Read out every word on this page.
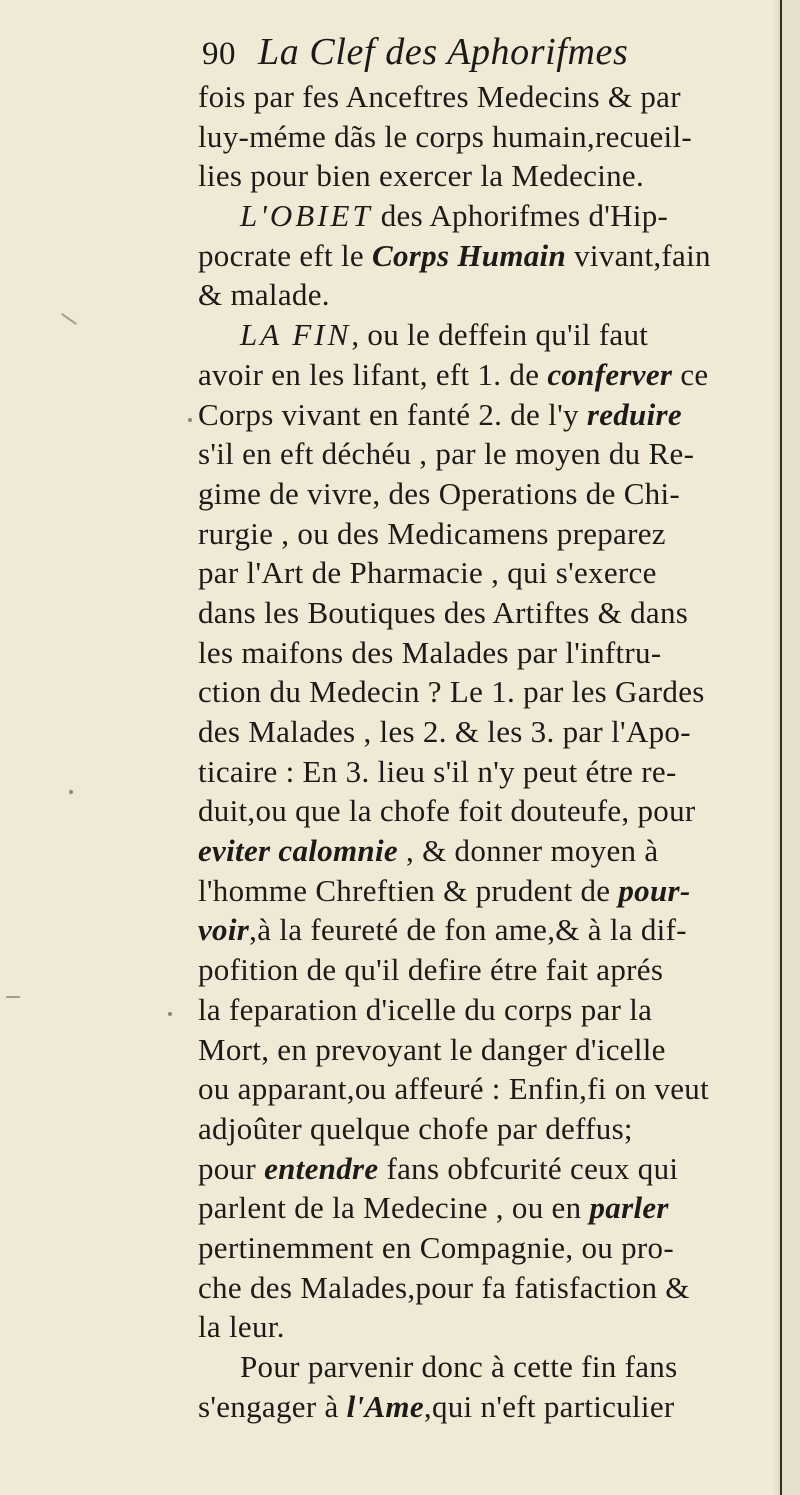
90 La Clef des Aphorifmes
fois par fes Anceftres Medecins & par
luy-méme dãs le corps humain,recueil-
lies pour bien exercer la Medecine.
L'OBIET des Aphorifmes d'Hip-
pocrate eft le Corps Humain vivant,fain
& malade.
LA FIN, ou le deffein qu'il faut
avoir en les lifant, eft 1. de conferver ce
Corps vivant en fanté 2. de l'y reduire
s'il en eft déchéu , par le moyen du Re-
gime de vivre, des Operations de Chi-
rurgie , ou des Medicamens preparez
par l'Art de Pharmacie , qui s'exerce
dans les Boutiques des Artiftes & dans
les maifons des Malades par l'inftru-
ction du Medecin ? Le 1. par les Gardes
des Malades , les 2. & les 3. par l'Apo-
ticaire : En 3. lieu s'il n'y peut étre re-
duit,ou que la chofe foit douteufe, pour
eviter calomnie , & donner moyen à
l'homme Chreftien & prudent de pour-
voir,à la feureté de fon ame,& à la dif-
pofition de qu'il defire étre fait aprés
la feparation d'icelle du corps par la
Mort, en prevoyant le danger d'icelle
ou apparant,ou affeuré : Enfin,fi on veut
adjoûter quelque chofe par deffus;
pour entendre fans obfcurité ceux qui
parlent de la Medecine , ou en parler
pertinemment en Compagnie, ou pro-
che des Malades,pour fa fatisfaction &
la leur.
Pour parvenir donc à cette fin fans
s'engager à l'Ame,qui n'eft particulier
